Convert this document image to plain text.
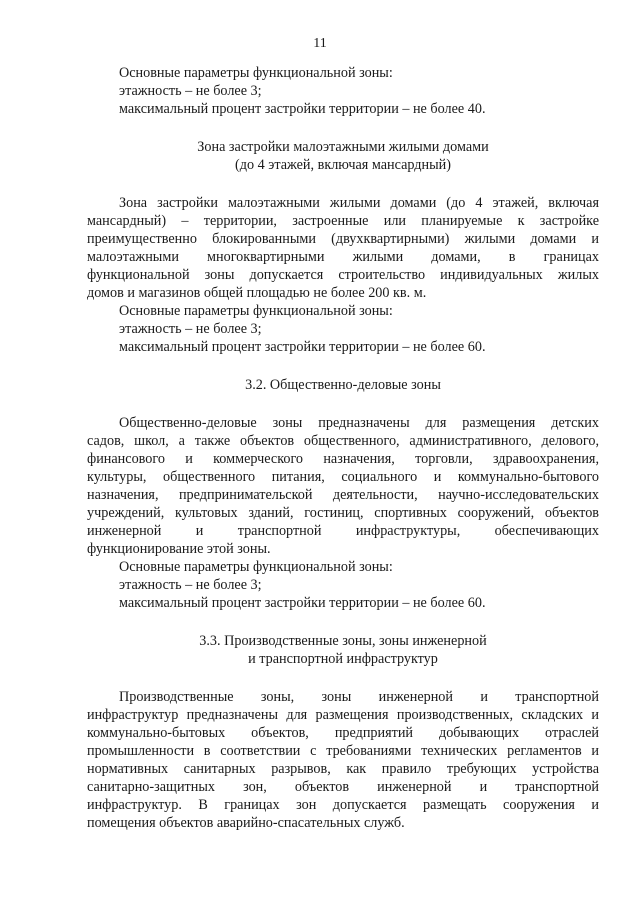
11
Основные параметры функциональной зоны:
этажность – не более 3;
максимальный процент застройки территории – не более 40.
Зона застройки малоэтажными жилыми домами
(до 4 этажей, включая мансардный)
Зона застройки малоэтажными жилыми домами (до 4 этажей, включая
мансардный) – территории, застроенные или планируемые к застройке
преимущественно блокированными (двухквартирными) жилыми домами и
малоэтажными многоквартирными жилыми домами, в границах
функциональной зоны допускается строительство индивидуальных жилых
домов и магазинов общей площадью не более 200 кв. м.
Основные параметры функциональной зоны:
этажность – не более 3;
максимальный процент застройки территории – не более 60.
3.2. Общественно-деловые зоны
Общественно-деловые зоны предназначены для размещения детских
садов, школ, а также объектов общественного, административного, делового,
финансового и коммерческого назначения, торговли, здравоохранения,
культуры, общественного питания, социального и коммунально-бытового
назначения, предпринимательской деятельности, научно-исследовательских
учреждений, культовых зданий, гостиниц, спортивных сооружений, объектов
инженерной и транспортной инфраструктуры, обеспечивающих
функционирование этой зоны.
Основные параметры функциональной зоны:
этажность – не более 3;
максимальный процент застройки территории – не более 60.
3.3. Производственные зоны, зоны инженерной
и транспортной инфраструктур
Производственные зоны, зоны инженерной и транспортной
инфраструктур предназначены для размещения производственных, складских и
коммунально-бытовых объектов, предприятий добывающих отраслей
промышленности в соответствии с требованиями технических регламентов и
нормативных санитарных разрывов, как правило требующих устройства
санитарно-защитных зон, объектов инженерной и транспортной
инфраструктур. В границах зон допускается размещать сооружения и
помещения объектов аварийно-спасательных служб.
